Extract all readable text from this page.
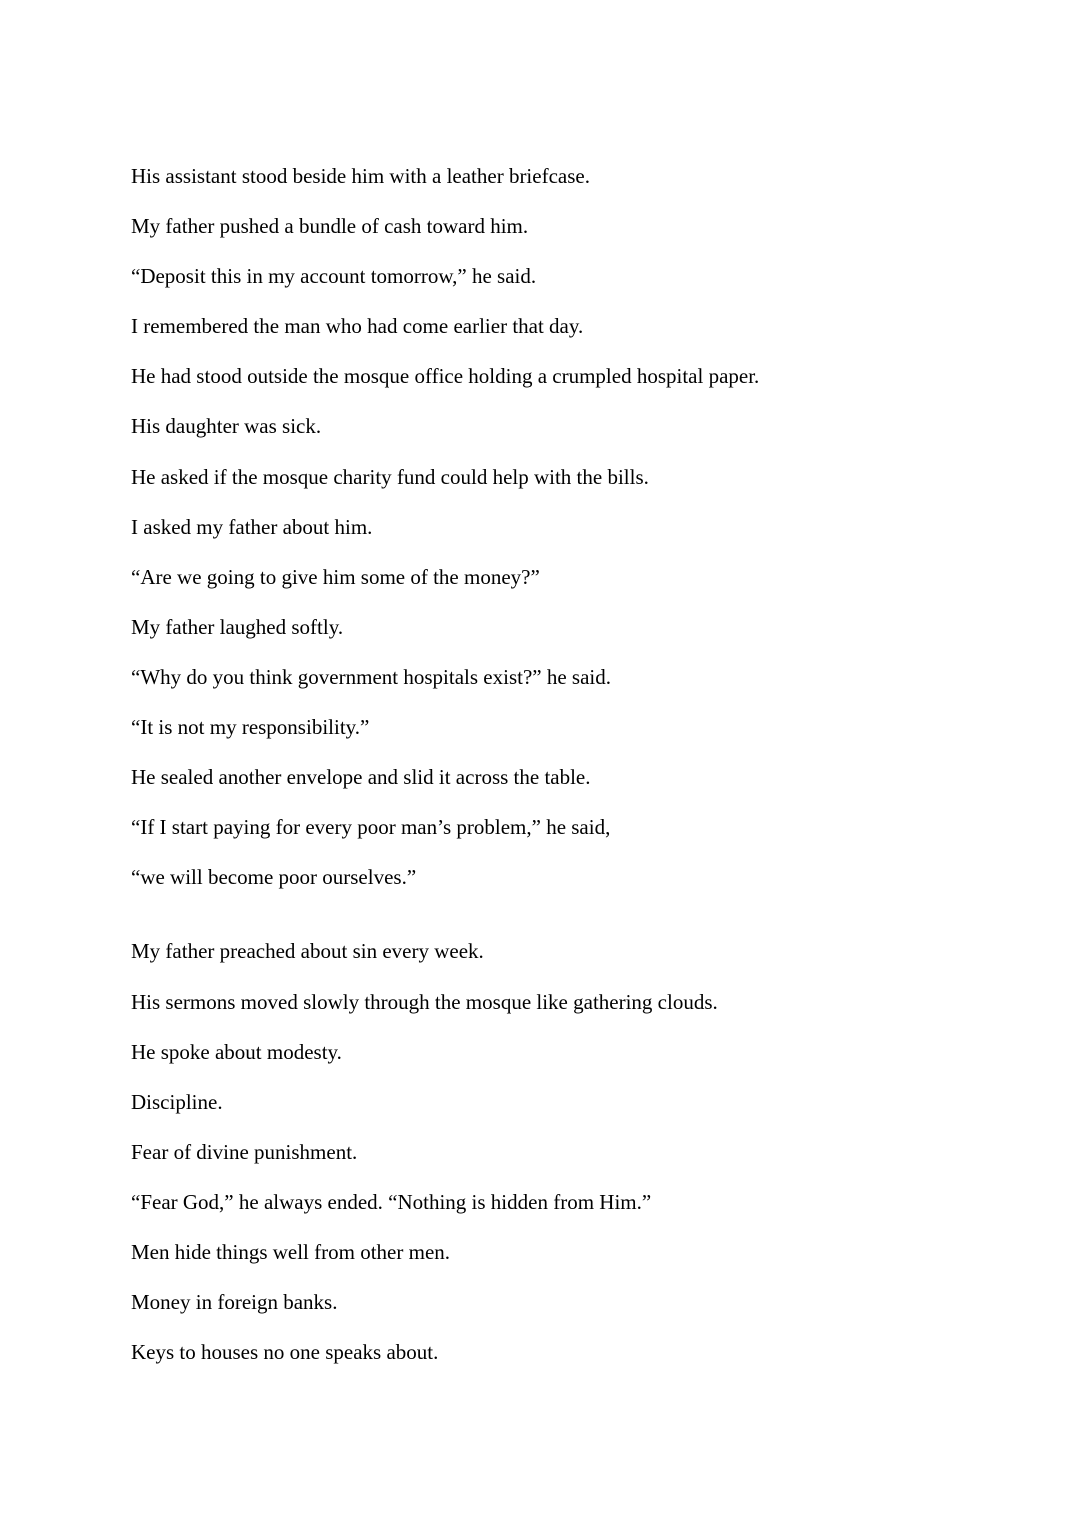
His assistant stood beside him with a leather briefcase.
My father pushed a bundle of cash toward him.
“Deposit this in my account tomorrow,” he said.
I remembered the man who had come earlier that day.
He had stood outside the mosque office holding a crumpled hospital paper.
His daughter was sick.
He asked if the mosque charity fund could help with the bills.
I asked my father about him.
“Are we going to give him some of the money?”
My father laughed softly.
“Why do you think government hospitals exist?” he said.
“It is not my responsibility.”
He sealed another envelope and slid it across the table.
“If I start paying for every poor man’s problem,” he said,
“we will become poor ourselves.”
My father preached about sin every week.
His sermons moved slowly through the mosque like gathering clouds.
He spoke about modesty.
Discipline.
Fear of divine punishment.
“Fear God,” he always ended. “Nothing is hidden from Him.”
Men hide things well from other men.
Money in foreign banks.
Keys to houses no one speaks about.
